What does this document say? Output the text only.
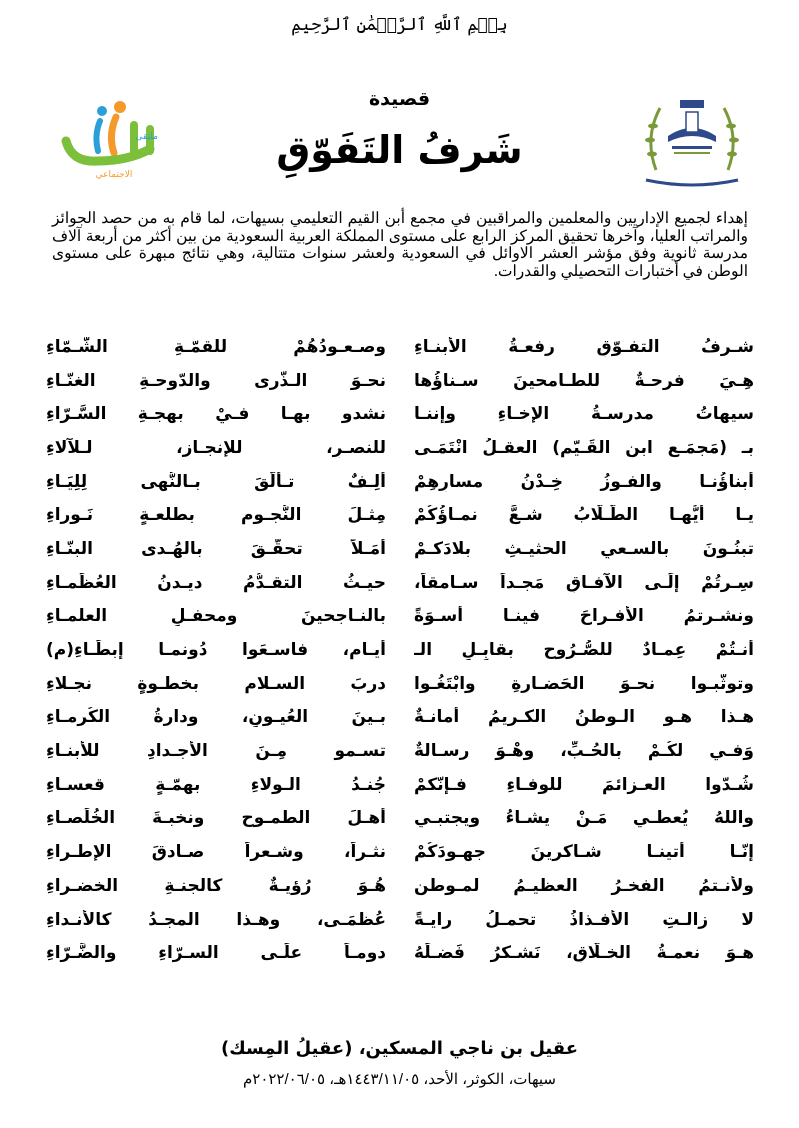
بِسۡمِ ٱللَّهِ ٱلرَّحۡمَٰنِ ٱلرَّحِيمِ
ملتقى
الاجتماعي
قصيدة
شَرفُ التَفَوّقِ
إهداء لجميع الإداريين والمعلمين والمراقبين في مجمع أبن القيم التعليمي بسيهات، لما قام به من حصد الجوائز والمراتب العليا، وآخرها تحقيق المركز الرابع على مستوى المملكة العربية السعودية من بين أكثر من أربعة آلاف مدرسة ثانوية وفق مؤشر العشر الاوائل في السعودية ولعشر سنوات متتالية، وهي نتائج مبهرة على مستوى الوطن في أختبارات التحصيلي والقدرات.
شـرفُ التفـوّقِ رفعـةُ الأبنـاءِ
وصـعـودُهُمْ للقمّـةِ الشَّـمّاءِ
هِـيَ فرحـةٌ للطـامحينَ سـناؤُها
نحـوَ الـذُّرى والدّوحـةِ الغنّـاءِ
سيهاتُ مدرسـةُ الإخـاءِ وإننـا
نشدو بهـا فـيْ بهجـةِ السَّـرّاءِ
بـ (مَجمَـعِ ابنِ القَـيّمِ) العقـلُ انْتَمَـى
للنصـرِ، للإنجـازِ، لـلآلاءِ
أبناؤُنـا والفـوزُ خِـدْنُ مسارِهِمْ
ألِـفٌ تـألّقَ بـالنُّهى لِلِيَـاءِ
يـا أيُّهـا الطُّـلّابُ شـعَّ نمـاؤُكُمْ
مِثـلَ النُّجـومِ بطلعـةٍ نَـوراءِ
تبنُـونَ بالسـعيِ الحثيـثِ بلادَكـمْ
أمَـلاً تحقّـقَ بالهُـدى البنّـاءِ
سِـرتُمْ إلَـى الآفـاقِ مَجـداً سـامقاً،
حيـثُ التقـدُّمُ ديـدنُ العُظَمـاءِ
ونشـرتمُ الأفـراحَ فينـا أُسـوَةً
بالنـاجحينَ ومحفـلِ العلمـاءِ
أنـتُمْ عِمـادٌ للصُّـرُوحِ بقابِـلِ الـ
أيـامِ، فاسـعَوا دُونمـا إبطَـاءِ(م)
وتوثّبـوا نحـوَ الحَضـارةِ وابْتَغُـوا
دربَ السـلامِ بخطـوةٍ نجـلاءِ
هـذا هـو الـوطنُ الكـريمُ أمانـةٌ
بـينَ العُيـونِ، ودارةُ الكُرمـاءِ
وَفـي لكُـمْ بالحُـبِّ، وهْـوَ رسـالةٌ
تسـمو مِـنَ الأجـدادِ للأبنـاءِ
شُـدّوا العـزائمَ للوفـاءِ فـإنّكمْ
جُنـدُ الـولاءِ بهمّـةٍ قعسـاءِ
واللهُ يُعطـي مَـنْ يشـاءُ ويجتبـي
أهـلَ الطمـوحِ ونخبـةَ الخُلَصـاءِ
إنّـا أتينـا شـاكرينَ جهـودَكُمْ
نثـراً، وشـعراً صـادقَ الإطـراءِ
ولأنـتمُ الفخـرُ العظيـمُ لمـوطنٍ
هُـوَ رُؤيـةٌ كالجنـةِ الخضـراءِ
لا زالـتِ الأفـذاذُ تحمـلُ رايـةً
عُظمَـى، وهـذا المجـدُ كالأنـداءِ
هـوَ نعمـةُ الخـلّاقِ، نَشـكرُ فَضـلَهُ
دومـاً علَـى السـرّاءِ والضَّـرّاءِ
عقيل بن ناجي المسكين، (عقيلُ المِسك)
سيهات، الكوثر، الأحد، ١٤٤٣/١١/٠٥هـ، ٢٠٢٢/٠٦/٠٥م
